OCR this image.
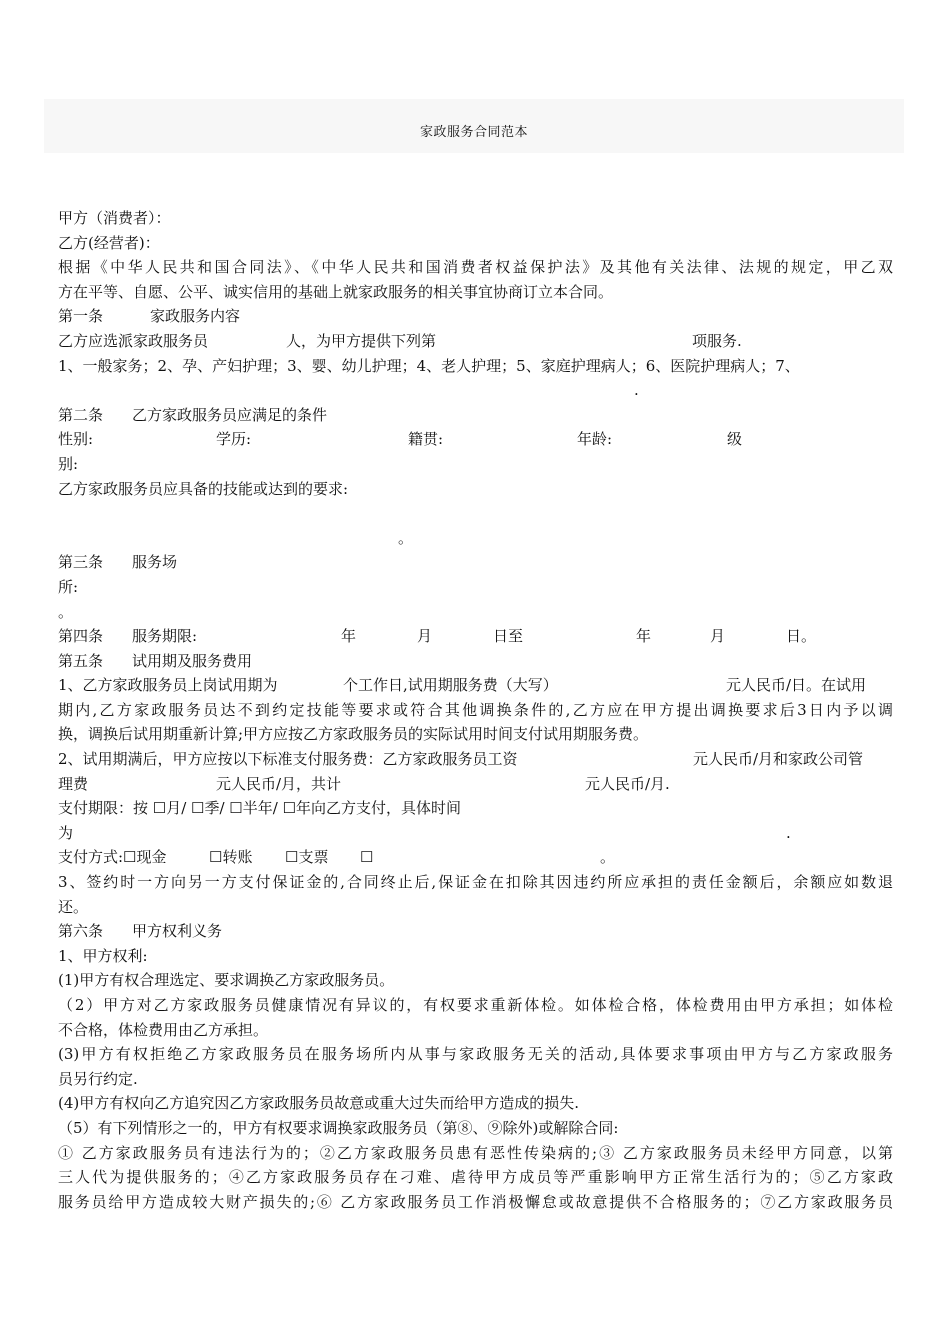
家政服务合同范本
甲方（消费者）：
乙方(经营者)：
根据《中华人民共和国合同法》、《中华人民共和国消费者权益保护法》及其他有关法律、法规的规定，甲乙双
方在平等、自愿、公平、诚实信用的基础上就家政服务的相关事宜协商订立本合同。
第一条	家政服务内容
乙方应选派家政服务员	人，为甲方提供下列第	项服务.
1、一般家务；2、孕、产妇护理；3、婴、幼儿护理；4、老人护理；5、家庭护理病人；6、医院护理病人；7、
.
第二条 乙方家政服务员应满足的条件
性别:	学历:	籍贯:	年龄:	级
别:
乙方家政服务员应具备的技能或达到的要求:
。
第三条 服务场
所:
。
第四条 服务期限:	年	月	日至	年	月	日。
第五条 试用期及服务费用
1、乙方家政服务员上岗试用期为	个工作日,试用期服务费（大写）	元人民币/日。在试用
期内,乙方家政服务员达不到约定技能等要求或符合其他调换条件的,乙方应在甲方提出调换要求后3日内予以调
换，调换后试用期重新计算;甲方应按乙方家政服务员的实际试用时间支付试用期服务费。
2、试用期满后，甲方应按以下标准支付服务费：乙方家政服务员工资	元人民币/月和家政公司管
理费	元人民币/月，共计	元人民币/月.
支付期限：按 ☐月/ ☐季/ ☐半年/ ☐年向乙方支付，具体时间
为	.
支付方式:☐现金	☐转账 ☐支票 ☐	。
3、签约时一方向另一方支付保证金的,合同终止后,保证金在扣除其因违约所应承担的责任金额后，余额应如数退
还。
第六条 甲方权利义务
1、甲方权利:
(1)甲方有权合理选定、要求调换乙方家政服务员。
（2）甲方对乙方家政服务员健康情况有异议的，有权要求重新体检。如体检合格，体检费用由甲方承担；如体检
不合格，体检费用由乙方承担。
(3)甲方有权拒绝乙方家政服务员在服务场所内从事与家政服务无关的活动,具体要求事项由甲方与乙方家政服务
员另行约定.
(4)甲方有权向乙方追究因乙方家政服务员故意或重大过失而给甲方造成的损失.
（5）有下列情形之一的，甲方有权要求调换家政服务员（第⑧、⑨除外)或解除合同:
① 乙方家政服务员有违法行为的；②乙方家政服务员患有恶性传染病的;③ 乙方家政服务员未经甲方同意，以第
三人代为提供服务的；④乙方家政服务员存在刁难、虐待甲方成员等严重影响甲方正常生活行为的；⑤乙方家政
服务员给甲方造成较大财产损失的;⑥ 乙方家政服务员工作消极懈怠或故意提供不合格服务的；⑦乙方家政服务员
